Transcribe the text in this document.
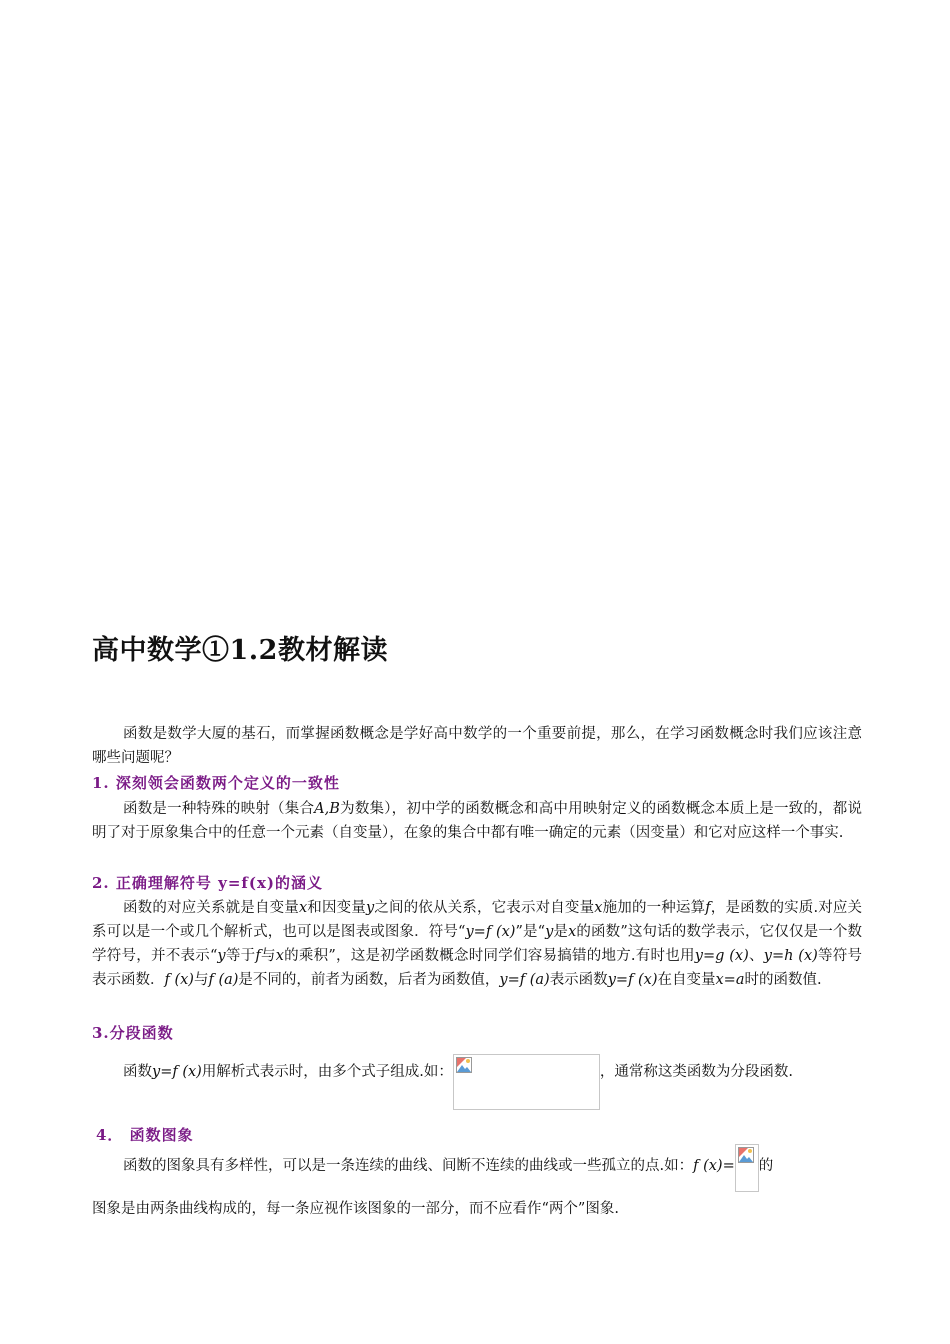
高中数学①1.2教材解读
函数是数学大厦的基石，而掌握函数概念是学好高中数学的一个重要前提，那么，在学习函数概念时我们应该注意哪些问题呢？
1. 深刻领会函数两个定义的一致性
函数是一种特殊的映射（集合A,B为数集），初中学的函数概念和高中用映射定义的函数概念本质上是一致的，都说明了对于原象集合中的任意一个元素（自变量），在象的集合中都有唯一确定的元素（因变量）和它对应这样一个事实.
2. 正确理解符号 y=f(x)的涵义
函数的对应关系就是自变量x和因变量y之间的依从关系，它表示对自变量x施加的一种运算f，是函数的实质.对应关系可以是一个或几个解析式，也可以是图表或图象．符号“y=f (x)”是“y是x的函数”这句话的数学表示，它仅仅是一个数学符号，并不表示“y等于f与x的乘积”，这是初学函数概念时同学们容易搞错的地方.有时也用y=g (x)、y=h (x)等符号表示函数．f (x)与f (a)是不同的，前者为函数，后者为函数值，y=f (a)表示函数y=f (x)在自变量x=a时的函数值.
3.分段函数
函数y=f (x)用解析式表示时，由多个式子组成.如：	，通常称这类函数为分段函数.
4． 函数图象
函数的图象具有多样性，可以是一条连续的曲线、间断不连续的曲线或一些孤立的点.如：f (x)= 的
图象是由两条曲线构成的，每一条应视作该图象的一部分，而不应看作“两个”图象.
